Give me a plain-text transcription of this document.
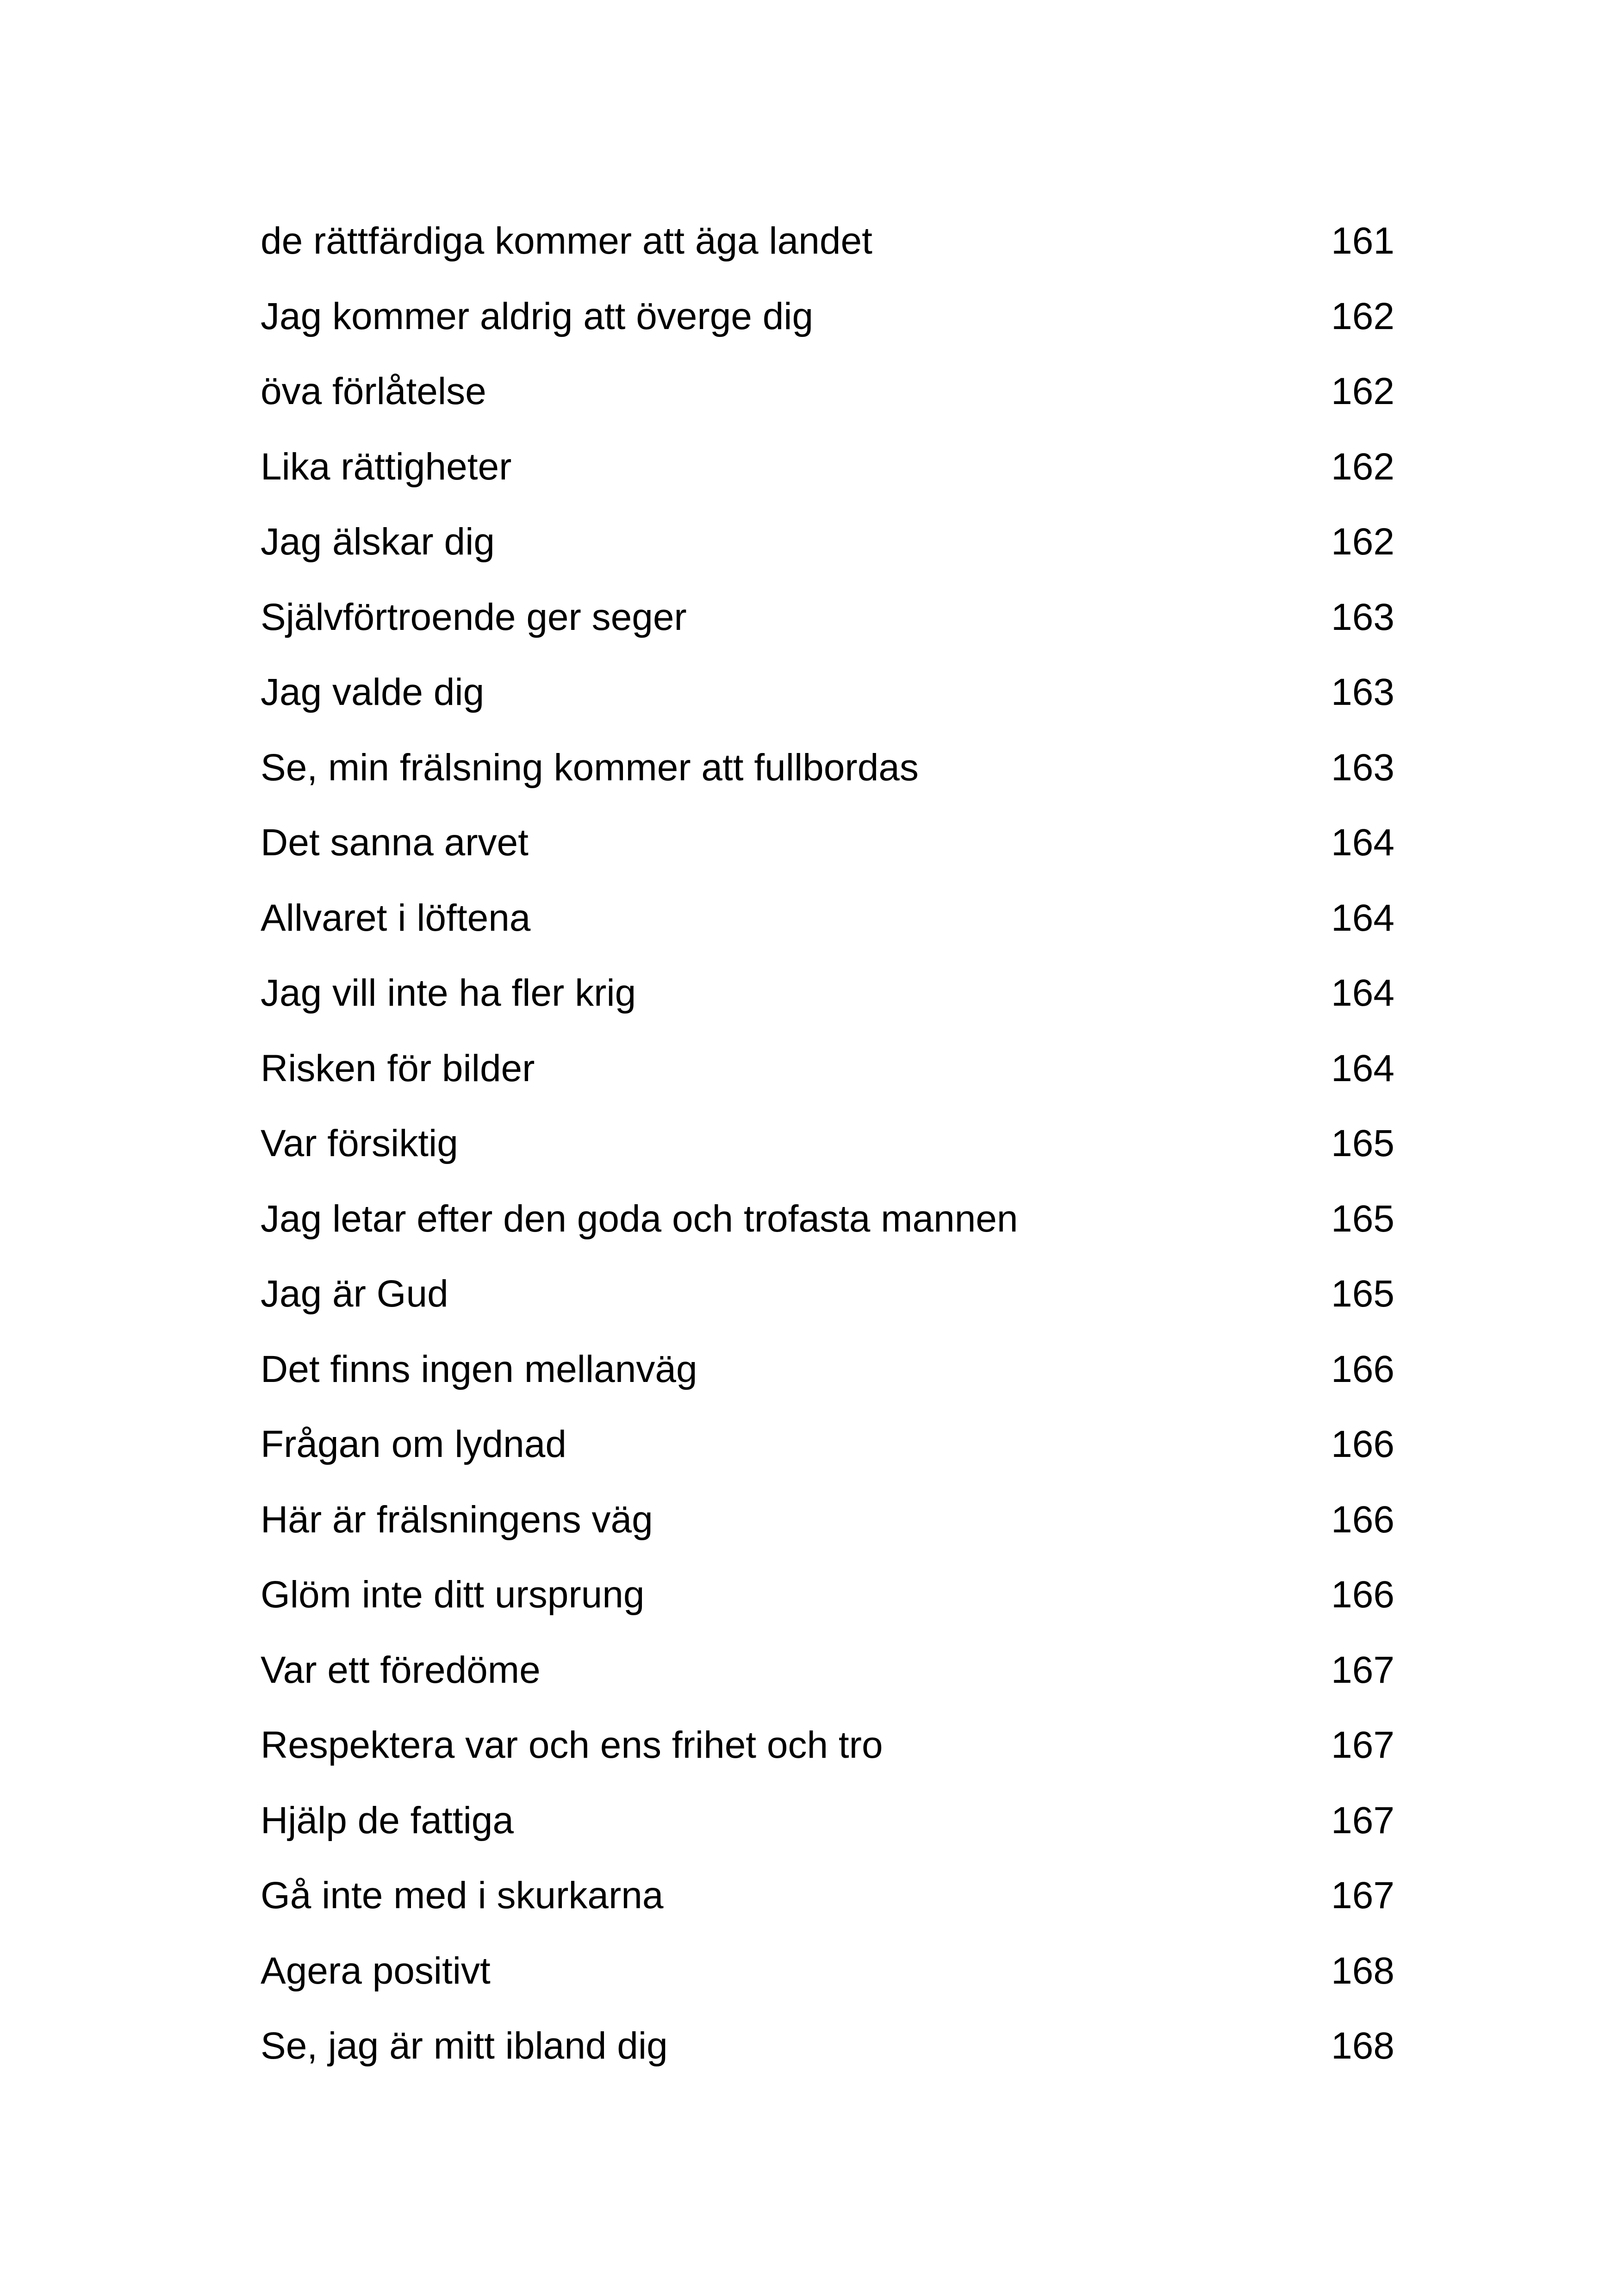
de rättfärdiga kommer att äga landet .....	161
Jag kommer aldrig att överge dig .....	162
öva förlåtelse .....	162
Lika rättigheter .....	162
Jag älskar dig .....	162
Självförtroende ger seger .....	163
Jag valde dig .....	163
Se, min frälsning kommer att fullbordas .....	163
Det sanna arvet .....	164
Allvaret i löftena .....	164
Jag vill inte ha fler krig .....	164
Risken för bilder .....	164
Var försiktig .....	165
Jag letar efter den goda och trofasta mannen .....	165
Jag är Gud .....	165
Det finns ingen mellanväg .....	166
Frågan om lydnad .....	166
Här är frälsningens väg .....	166
Glöm inte ditt ursprung .....	166
Var ett föredöme .....	167
Respektera var och ens frihet och tro .....	167
Hjälp de fattiga .....	167
Gå inte med i skurkarna .....	167
Agera positivt .....	168
Se, jag är mitt ibland dig .....	168
